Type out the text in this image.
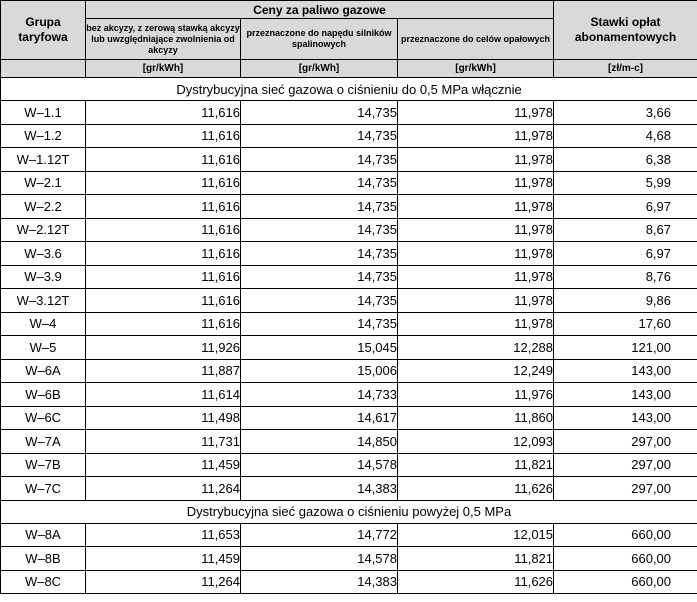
Grupa taryfowa	Ceny za paliwo gazowe			Stawki opłat abonamentowych
	bez akcyzy, z zerową stawką akcyzy lub uwzględniające zwolnienia od akcyzy	przeznaczone do napędu silników spalinowych	przeznaczone do celów opałowych	
	[gr/kWh]	[gr/kWh]	[gr/kWh]	[zł/m-c]
Dystrybucyjna sieć gazowa o ciśnieniu do 0,5 MPa włącznie				
W–1.1	11,616	14,735	11,978	3,66
W–1.2	11,616	14,735	11,978	4,68
W–1.12T	11,616	14,735	11,978	6,38
W–2.1	11,616	14,735	11,978	5,99
W–2.2	11,616	14,735	11,978	6,97
W–2.12T	11,616	14,735	11,978	8,67
W–3.6	11,616	14,735	11,978	6,97
W–3.9	11,616	14,735	11,978	8,76
W–3.12T	11,616	14,735	11,978	9,86
W–4	11,616	14,735	11,978	17,60
W–5	11,926	15,045	12,288	121,00
W–6A	11,887	15,006	12,249	143,00
W–6B	11,614	14,733	11,976	143,00
W–6C	11,498	14,617	11,860	143,00
W–7A	11,731	14,850	12,093	297,00
W–7B	11,459	14,578	11,821	297,00
W–7C	11,264	14,383	11,626	297,00
Dystrybucyjna sieć gazowa o ciśnieniu powyżej 0,5 MPa				
W–8A	11,653	14,772	12,015	660,00
W–8B	11,459	14,578	11,821	660,00
W–8C	11,264	14,383	11,626	660,00
